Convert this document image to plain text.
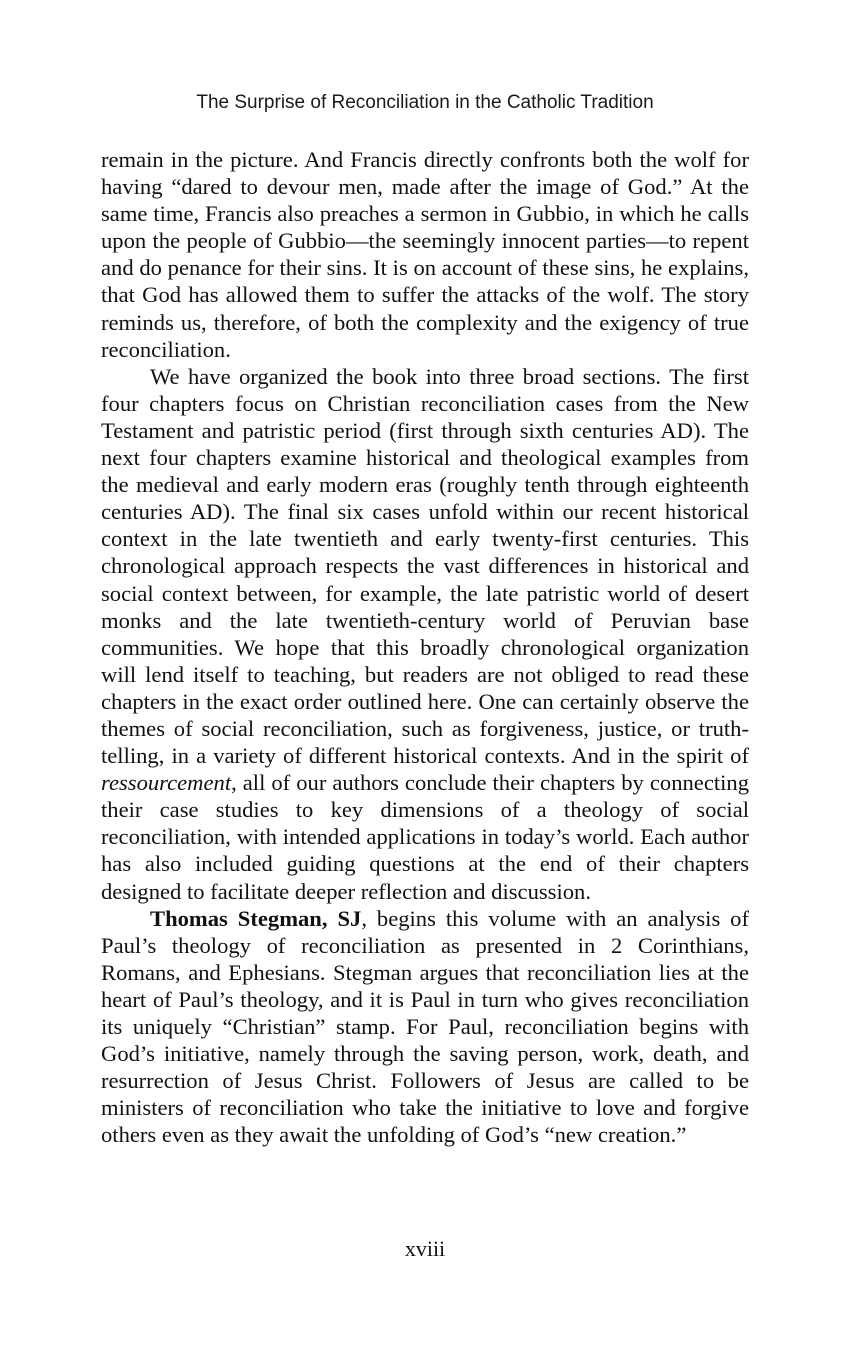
The Surprise of Reconciliation in the Catholic Tradition

remain in the picture. And Francis directly confronts both the wolf for having “dared to devour men, made after the image of God.” At the same time, Francis also preaches a sermon in Gubbio, in which he calls upon the people of Gubbio—the seemingly innocent parties—to repent and do penance for their sins. It is on account of these sins, he explains, that God has allowed them to suffer the attacks of the wolf. The story reminds us, therefore, of both the complexity and the exigency of true reconciliation.

We have organized the book into three broad sections. The first four chapters focus on Christian reconciliation cases from the New Testament and patristic period (first through sixth centuries AD). The next four chapters examine historical and theological examples from the medieval and early modern eras (roughly tenth through eighteenth centuries AD). The final six cases unfold within our recent historical context in the late twentieth and early twenty-first centuries. This chronological approach respects the vast differences in historical and social context between, for example, the late patristic world of desert monks and the late twentieth-century world of Peruvian base communities. We hope that this broadly chronological organization will lend itself to teaching, but readers are not obliged to read these chapters in the exact order outlined here. One can certainly observe the themes of social reconciliation, such as forgiveness, justice, or truth-telling, in a variety of different historical contexts. And in the spirit of ressourcement, all of our authors conclude their chapters by connecting their case studies to key dimensions of a theology of social reconciliation, with intended applications in today’s world. Each author has also included guiding questions at the end of their chapters designed to facilitate deeper reflection and discussion.

Thomas Stegman, SJ, begins this volume with an analysis of Paul’s theology of reconciliation as presented in 2 Corinthians, Romans, and Ephesians. Stegman argues that reconciliation lies at the heart of Paul’s theology, and it is Paul in turn who gives reconciliation its uniquely “Christian” stamp. For Paul, reconciliation begins with God’s initiative, namely through the saving person, work, death, and resurrection of Jesus Christ. Followers of Jesus are called to be ministers of reconciliation who take the initiative to love and forgive others even as they await the unfolding of God’s “new creation.”

xviii
